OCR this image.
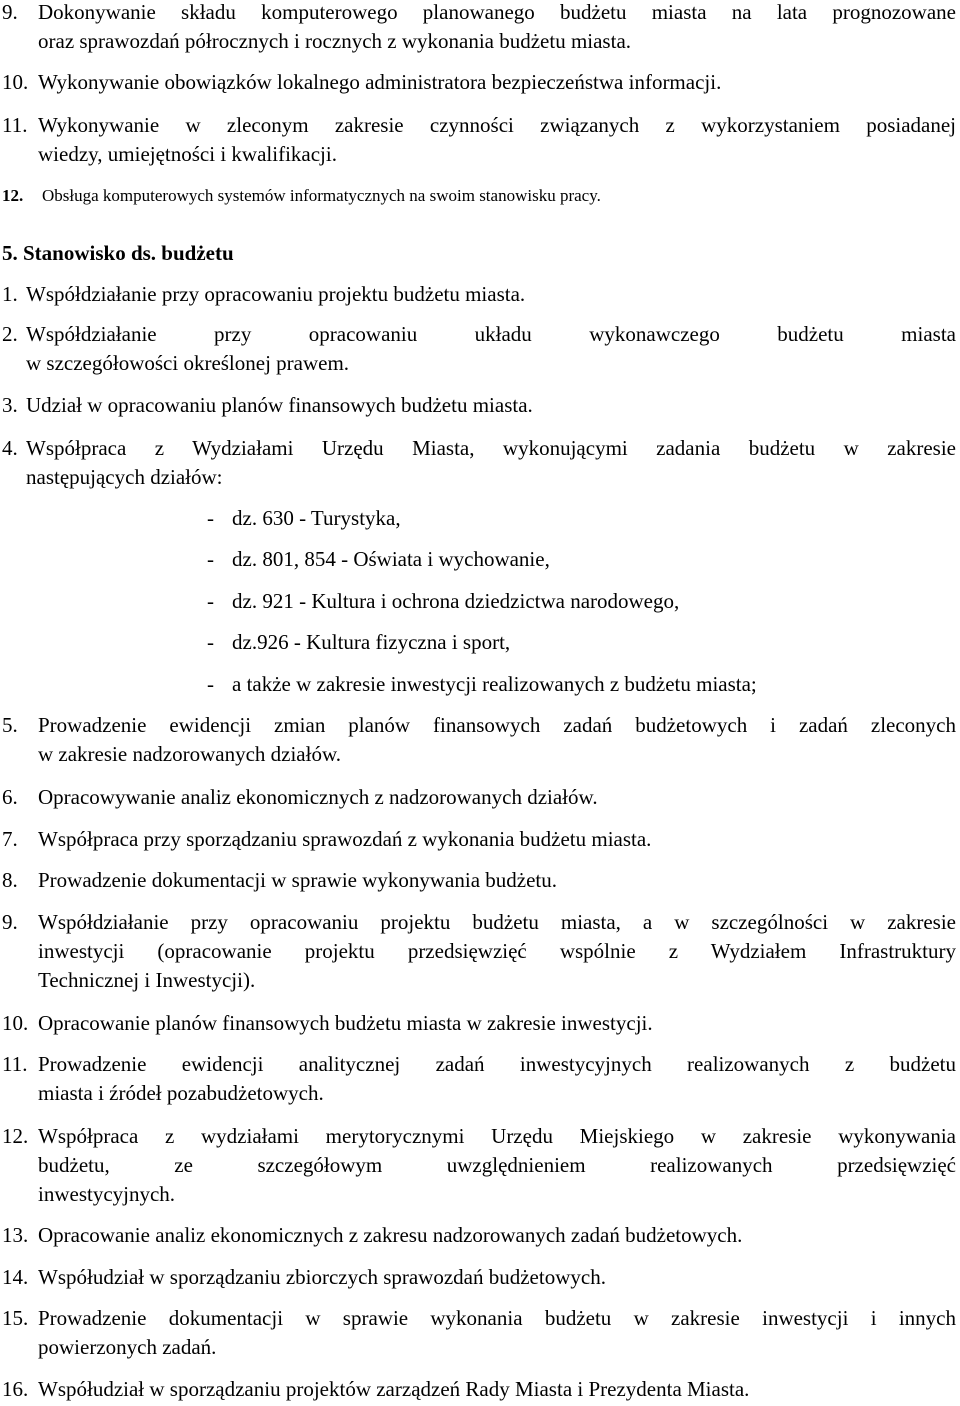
9. Dokonywanie składu komputerowego planowanego budżetu miasta na lata prognozowane
oraz sprawozdań półrocznych i rocznych z wykonania budżetu miasta.
10. Wykonywanie obowiązków lokalnego administratora bezpieczeństwa informacji.
11. Wykonywanie w zleconym zakresie czynności związanych z wykorzystaniem posiadanej
wiedzy, umiejętności i kwalifikacji.
12. Obsługa komputerowych systemów informatycznych na swoim stanowisku pracy.
5. Stanowisko ds. budżetu
1. Współdziałanie przy opracowaniu projektu budżetu miasta.
2. Współdziałanie przy opracowaniu układu wykonawczego budżetu miasta
w szczegółowości określonej prawem.
3. Udział w opracowaniu planów finansowych budżetu miasta.
4. Współpraca z Wydziałami Urzędu Miasta, wykonującymi zadania budżetu w zakresie
następujących działów:
- dz. 630 - Turystyka,
- dz. 801, 854 - Oświata i wychowanie,
- dz. 921 - Kultura i ochrona dziedzictwa narodowego,
- dz.926 - Kultura fizyczna i sport,
- a także w zakresie inwestycji realizowanych z budżetu miasta;
5. Prowadzenie ewidencji zmian planów finansowych zadań budżetowych i zadań zleconych
w zakresie nadzorowanych działów.
6. Opracowywanie analiz ekonomicznych z nadzorowanych działów.
7. Współpraca przy sporządzaniu sprawozdań z wykonania budżetu miasta.
8. Prowadzenie dokumentacji w sprawie wykonywania budżetu.
9. Współdziałanie przy opracowaniu projektu budżetu miasta, a w szczególności w zakresie
inwestycji (opracowanie projektu przedsięwzięć wspólnie z Wydziałem Infrastruktury
Technicznej i Inwestycji).
10. Opracowanie planów finansowych budżetu miasta w zakresie inwestycji.
11. Prowadzenie ewidencji analitycznej zadań inwestycyjnych realizowanych z budżetu
miasta i źródeł pozabudżetowych.
12. Współpraca z wydziałami merytorycznymi Urzędu Miejskiego w zakresie wykonywania
budżetu, ze szczegółowym uwzględnieniem realizowanych przedsięwzięć
inwestycyjnych.
13. Opracowanie analiz ekonomicznych z zakresu nadzorowanych zadań budżetowych.
14. Współudział w sporządzaniu zbiorczych sprawozdań budżetowych.
15. Prowadzenie dokumentacji w sprawie wykonania budżetu w zakresie inwestycji i innych
powierzonych zadań.
16. Współudział w sporządzaniu projektów zarządzeń Rady Miasta i Prezydenta Miasta.
